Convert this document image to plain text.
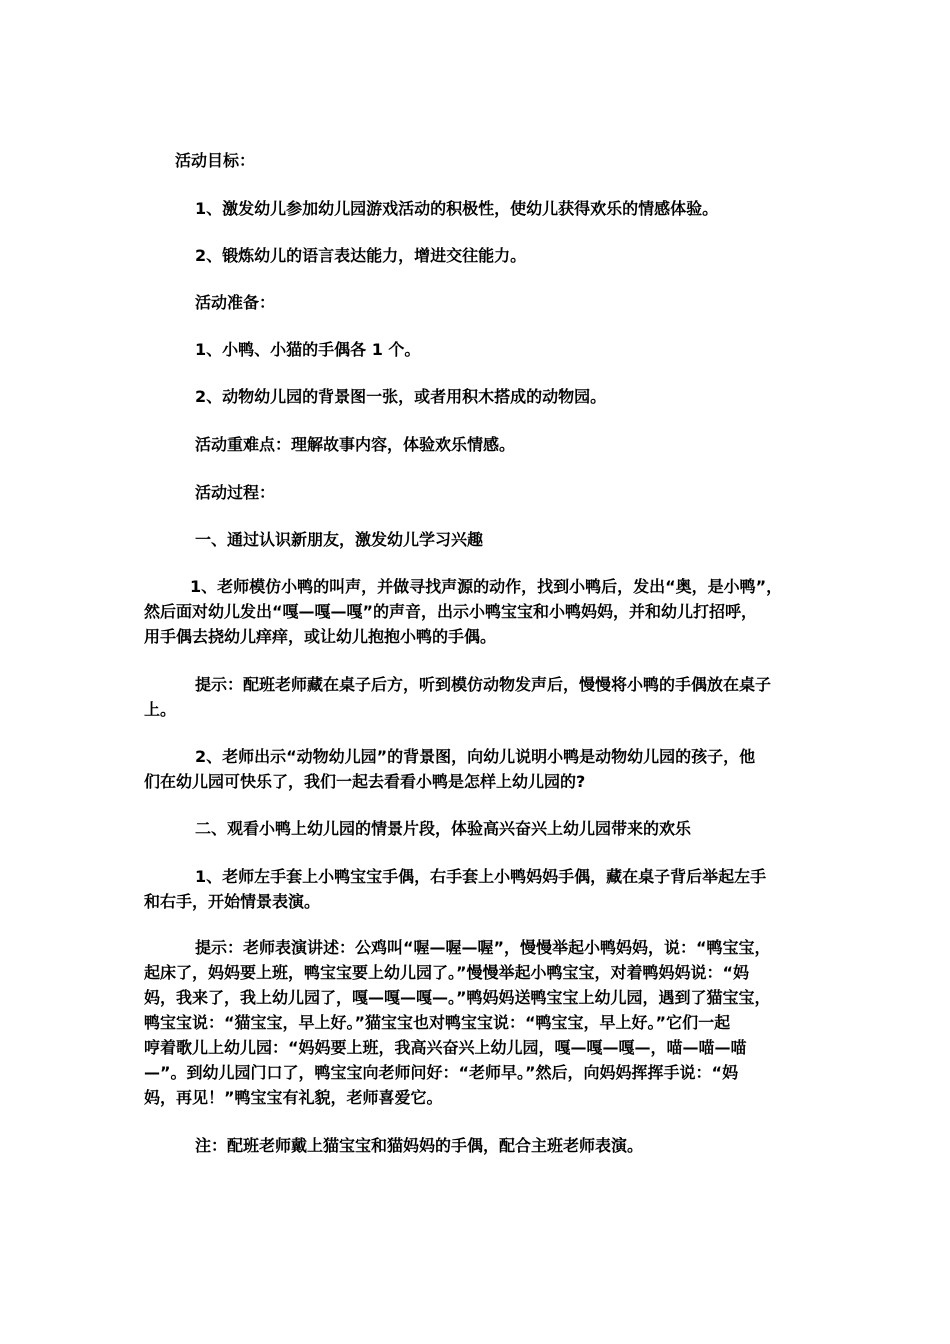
活动目标：

1、激发幼儿参加幼儿园游戏活动的积极性，使幼儿获得欢乐的情感体验。

2、锻炼幼儿的语言表达能力，增进交往能力。

活动准备：

1、小鸭、小猫的手偶各 1 个。

2、动物幼儿园的背景图一张，或者用积木搭成的动物园。

活动重难点：理解故事内容，体验欢乐情感。

活动过程：

一、通过认识新朋友，激发幼儿学习兴趣

1、老师模仿小鸭的叫声，并做寻找声源的动作，找到小鸭后，发出“奥，是小鸭”，

然后面对幼儿发出“嘎—嘎—嘎”的声音，出示小鸭宝宝和小鸭妈妈，并和幼儿打招呼，

用手偶去挠幼儿痒痒，或让幼儿抱抱小鸭的手偶。

提示：配班老师藏在桌子后方，听到模仿动物发声后，慢慢将小鸭的手偶放在桌子

上。

2、老师出示“动物幼儿园”的背景图，向幼儿说明小鸭是动物幼儿园的孩子，他

们在幼儿园可快乐了，我们一起去看看小鸭是怎样上幼儿园的?

二、观看小鸭上幼儿园的情景片段，体验高兴奋兴上幼儿园带来的欢乐

1、老师左手套上小鸭宝宝手偶，右手套上小鸭妈妈手偶，藏在桌子背后举起左手

和右手，开始情景表演。

提示：老师表演讲述：公鸡叫“喔—喔—喔”，慢慢举起小鸭妈妈，说：“鸭宝宝，

起床了，妈妈要上班，鸭宝宝要上幼儿园了。”慢慢举起小鸭宝宝，对着鸭妈妈说：“妈

妈，我来了，我上幼儿园了，嘎—嘎—嘎—。”鸭妈妈送鸭宝宝上幼儿园，遇到了猫宝宝，

鸭宝宝说：“猫宝宝，早上好。”猫宝宝也对鸭宝宝说：“鸭宝宝，早上好。”它们一起

哼着歌儿上幼儿园：“妈妈要上班，我高兴奋兴上幼儿园，嘎—嘎—嘎—，喵—喵—喵

—”。到幼儿园门口了，鸭宝宝向老师问好：“老师早。”然后，向妈妈挥挥手说：“妈

妈，再见！”鸭宝宝有礼貌，老师喜爱它。

注：配班老师戴上猫宝宝和猫妈妈的手偶，配合主班老师表演。
